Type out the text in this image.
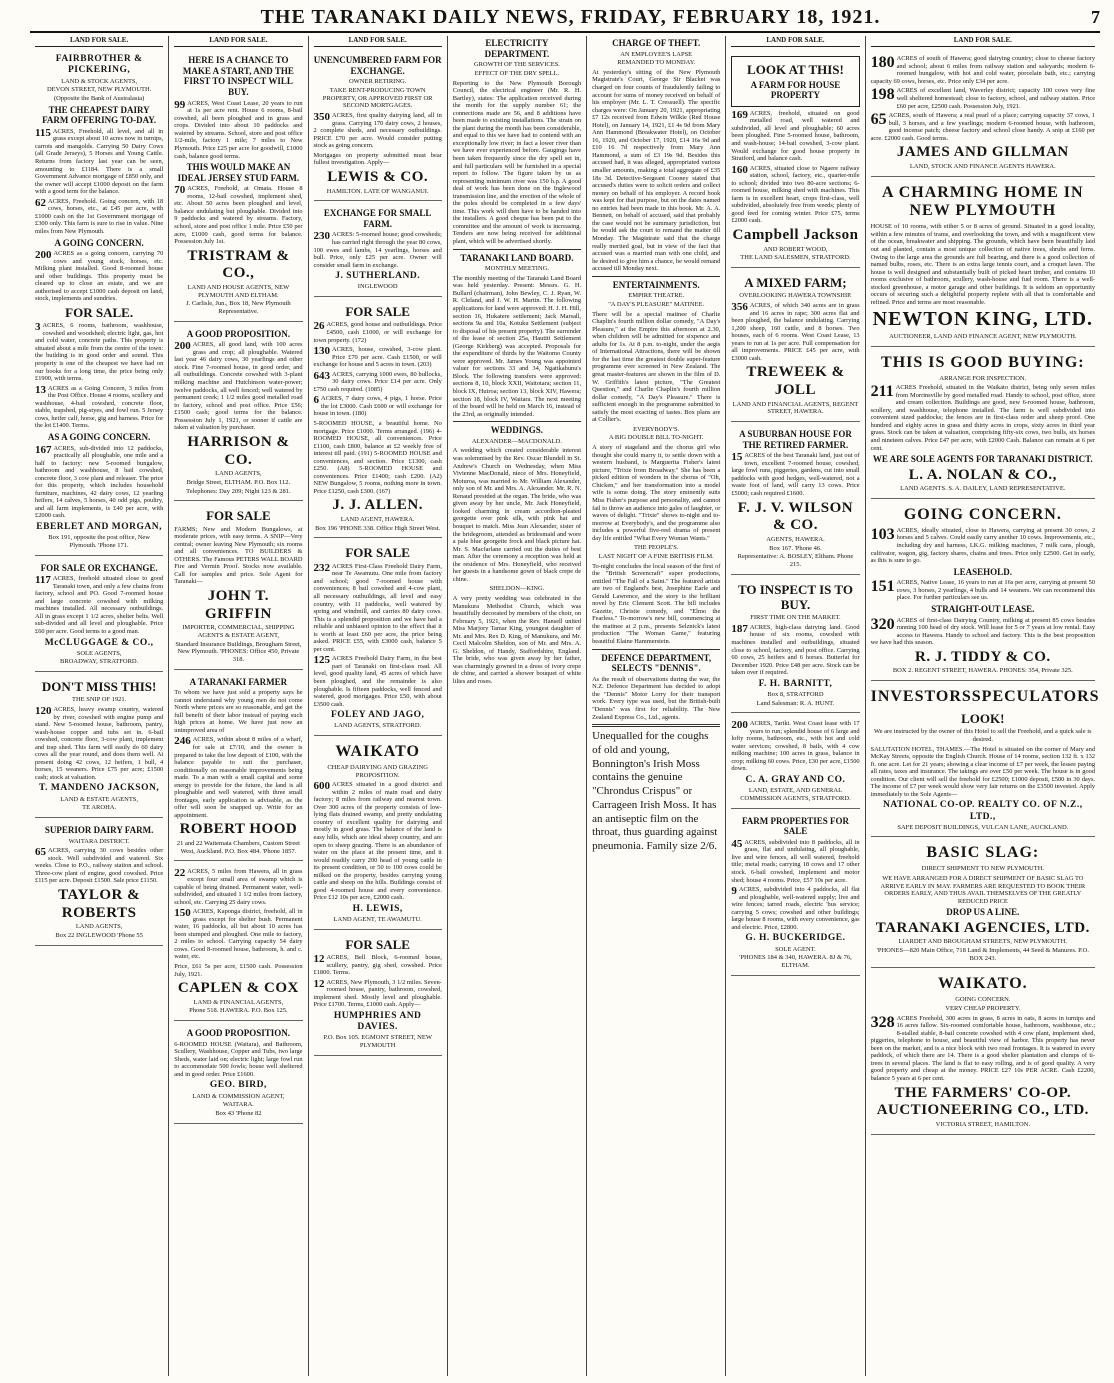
THE TARANAKI DAILY NEWS, FRIDAY, FEBRUARY 18, 1921.	7
LAND FOR SALE.
FAIRBROTHER & PICKERING,
LAND & STOCK AGENTS,
DEVON STREET, NEW PLYMOUTH.
(Opposite the Bank of Australasia)
THE CHEAPEST DAIRY FARM OFFERING TO-DAY.
115 ACRES, Freehold, all level, and all in grass except about 10 acres now in turnips, carrots and mangolds. Carrying 50 Dairy Cows (all Grade Jerseys), 5 Horses and Young Cattle. Returns from factory last year can be seen, amounting to £1184. There is a small Government Advance mortgage of £850 only, and the owner will accept £1000 deposit on the farm with a good term for the balance.
62 ACRES, Freehold. Going concern, with 18 cows, horses, etc., at £45 per acre, with £1000 cash on the 1st Government mortgage of £300 only. This farm is sure to rise in value. Nine miles from New Plymouth.
A GOING CONCERN.
200 ACRES as a going concern, carrying 70 cows and young stock, horses, etc. Milking plant installed. Good 8-roomed house and other buildings. This property must be cleared up to close an estate, and we are authorised to accept £1000 cash deposit on land, stock, implements and sundries.
FOR SALE.
3 ACRES, 6 rooms, bathroom, washhouse, cowshed and woodshed; electric light, gas, hot and cold water, concrete paths. This property is situated about a mile from the centre of the town: the building is in good order and sound. This property is one of the cheapest we have had on our books for a long time, the price being only £1900, with terms.
13 ACRES as a Going Concern, 3 miles from the Post Office. House 4 rooms, scullery and washhouse, 4-bail cowshed, concrete floor, stable, trapshed, pig-styes, and fowl run. 5 Jersey cows, heifer calf, horse, gig and harness. Price for the lot £1400. Terms.
AS A GOING CONCERN.
167 ACRES, sub-divided into 12 paddocks, practically all ploughable, one mile and a half to factory: new 5-roomed bungalow, bathroom and washhouse, 8 bail cowshed, concrete floor, 3 cow plant and releaser. The price for this property, which includes household furniture, machines, 42 dairy cows, 12 yearling heifers, 14 calves, 5 horses, 40 odd pigs, poultry, and all farm implements, is £40 per acre, with £2000 cash.
EBERLET AND MORGAN,
Box 191, opposite the post office, New Plymouth. 'Phone 171.
FOR SALE OR EXCHANGE.
117 ACRES, freehold situated close to good Taranaki town, and only a few chains from factory, school and PO. Good 7-roomed house and large concrete cowshed with milking machines installed. All necessary outbuildings. All in grass except 1 1/2 acres, shelter belts. Well sub-divided and all level and ploughable. Price £60 per acre. Good terms to a good man.
McCLUGGAGE & CO.,
SOLE AGENTS,
BROADWAY, STRATFORD.
DON'T MISS THIS!
THE SNIP OF 1921.
120 ACRES, heavy swamp country, watered by river, cowshed with engine pump and stand. New 5-roomed house, bathroom, pantry, wash-house copper and tubs set in. 6-bail cowshed, concrete floor, 3-cow plant, implement and trap shed. This farm will easily do 60 dairy cows all the year round, and does them well. At present doing 42 cows, 12 heifers, 1 bull, 4 horses, 15 weaners. Price £75 per acre; £1500 cash; stock at valuation.
T. MANDENO JACKSON,
LAND & ESTATE AGENTS,
TE AROHA.
SUPERIOR DAIRY FARM.
WAITARA DISTRICT.
65 ACRES, carrying 30 cows besides other stock. Well subdivided and watered. Six weeks. Close to P.O., railway station and school. Three-cow plant of engine, good cowshed. Price £115 per acre. Deposit £1500. Sale price £1150.
TAYLOR & ROBERTS
LAND AGENTS,
Box 22 INGLEWOOD 'Phone 55
LAND FOR SALE.
HERE IS A CHANCE TO MAKE A START, AND THE FIRST TO INSPECT WILL BUY.
99 ACRES, West Coast Lease, 20 years to run at 1s per acre rent. House 6 rooms, 8-bail cowshed, all been ploughed and in grass and crops. Divided into about 10 paddocks and watered by streams. School, store and post office 1/2-mile, factory 1 mile; 7 miles to New Plymouth. Price £25 per acre for goodwill, £1000 cash, balance good terms.
THIS WOULD MAKE AN IDEAL JERSEY STUD FARM.
70 ACRES, Freehold, at Omata. House 8 rooms, 12-bail cowshed, implement shed, etc. About 50 acres been ploughed and level, balance undulating but ploughable. Divided into 9 paddocks and watered by streams. Factory, school, store and post office 1 mile. Price £50 per acre, £1000 cash, good terms for balance. Possession July 1st.
TRISTRAM & CO.,
LAND AND HOUSE AGENTS, NEW PLYMOUTH AND ELTHAM.
J. Carlisle, Jun., Box 18, New Plymouth Representative.
A GOOD PROPOSITION.
200 ACRES, all good land, with 100 acres grass and crop; all ploughable. Watered last year 46 dairy cows, 30 yearlings and other stock. Fine 7-roomed house, in good order, and all outbuildings. Concrete cowshed with 3-plant milking machine and Hutchinson water-power; twelve paddocks, all well fenced; well watered by permanent creek; 1 1/2 miles good metalled road to factory, school and post office. Price £56; £1500 cash; good terms for the balance. Possession July 1, 1921, or sooner if cattle are taken at valuation by purchaser.
HARRISON & CO.
LAND AGENTS,
Bridge Street, ELTHAM. P.O. Box 112.
Telephones: Day 209; Night 123 & 281.
FOR SALE
FARMS; New and Modern Bungalows, at moderate prices, with easy terms. A SNIP—Very central; owner leaving New Plymouth; six rooms and all conveniences. TO BUILDERS & OTHERS. The Famous PETERS WALL BOARD Fire and Vermin Proof. Stocks now available. Call for samples and price. Sole Agent for Taranaki—
JOHN T. GRIFFIN
IMPORTER, COMMERCIAL, SHIPPING AGENTS & ESTATE AGENT,
Standard Insurance Buildings, Brougham Street, New Plymouth. 'PHONES: Office 450, Private 318.
A TARANAKI FARMER
To whom we have just sold a property says he cannot understand why young men do not come North where prices are so reasonable, and get the full benefit of their labor instead of paying such high prices at home. We have just now an unimproved area of
246 ACRES, within about 8 miles of a wharf, for sale at £7/10, and the owner is prepared to take the low deposit of £100, with the balance payable to suit the purchaser, conditionally on reasonable improvements being made. To a man with a small capital and some energy to provide for the future, the land is all ploughable and well watered, with three small frontages, early application is advisable, as the offer will soon be snapped up. Write for an appointment.
ROBERT HOOD
21 and 22 Waitemata Chambers, Custom Street West, Auckland. P.O. Box 484. 'Phone 1857.
22 ACRES, 5 miles from Hawera, all in grass except four small area of swamp which is capable of being drained. Permanent water, well-subdivided, and situated 1 1/2 miles from factory, school, etc. Carrying 25 dairy cows.
150 ACRES, Kaponga district, freehold, all in grass except for shelter bush. Permanent water, 16 paddocks, all but about 10 acres has been stumped and ploughed. One mile to factory, 2 miles to school. Carrying capacity 54 dairy cows. Good 8-roomed house, bathroom, h. and c. water, etc.
Price, £61 5s per acre, £1500 cash. Possession July, 1921.
CAPLEN & COX
LAND & FINANCIAL AGENTS,
Phone 518. HAWERA. P.O. Box 125.
A GOOD PROPOSITION.
6-ROOMED HOUSE (Waitara), and Bathroom, Scullery, Washhouse, Copper and Tubs, two large Sheds, water laid on; electric light; large fowl run to accommodate 500 fowls; house well sheltered and in good order. Price £1600.
GEO. BIRD,
LAND & COMMISSION AGENT,
WAITARA.
Box 43 'Phone 82
LAND FOR SALE.
UNENCUMBERED FARM FOR EXCHANGE.
OWNER RETIRING.
TAKE RENT-PRODUCING TOWN PROPERTY, OR APPROVED FIRST OR SECOND MORTGAGES.
350 ACRES, first quality dairying land, all in grass. Carrying 170 dairy cows, 2 houses, 2 complete sheds, and necessary outbuildings. PRICE £70 per acre. Would consider putting stock as going concern.
Mortgages on property submitted must bear fullest investigation. Apply—
LEWIS & CO.
HAMILTON. LATE OF WANGANUI.
EXCHANGE FOR SMALL FARM.
230 ACRES: 5-roomed house; good cowsheds; has carried right through the year 80 cows, 100 ewes and lambs, 14 yearlings, horses and bull. Price, only £25 per acre. Owner will consider small farm in exchange.
J. SUTHERLAND.
INGLEWOOD
FOR SALE
26 ACRES, good house and outbuildings. Price £4500, cash £1000, or will exchange for town property. (172)
130 ACRES, house, cowshed, 3-cow plant. Price £70 per acre. Cash £1500, or will exchange for house and 5 acres in town. (203)
643 ACRES, carrying 1000 ewes, 80 bullocks, 30 dairy cows. Price £14 per acre. Only £750 cash required. (1085)
6 ACRES, 7 dairy cows, 4 pigs, 1 horse. Price the lot £3000. Cash £600 or will exchange for house in town. (180)
5-ROOMED HOUSE, a beautiful home. No mortgage. Price £1000. Terms arranged. (196) 4-ROOMED HOUSE, all conveniences. Price £1100, cash £800, balance at £2 weekly free of interest till paid. (191) 5-ROOMED HOUSE and conveniences, and section. Price £1300, cash £250. (A8) 5-ROOMED HOUSE and conveniences. Price £1400; cash £200. (A2) NEW Bungalow, 5 rooms, nothing more in town. Price £1250, cash £300. (167)
J. J. ALLEN.
LAND AGENT, HAWERA.
Box 196 'PHONE 338. Office High Street West.
FOR SALE
232 ACRES First-Class Freehold Dairy Farm, near Te Awamutu. One mile from factory and school; good 7-roomed house with conveniences; 8 bail cowshed and 4-cow plant, all necessary outbuildings, all level and easy country, with 11 paddocks, well watered by spring and windmill, and carries 80 dairy cows. This is a splendid proposition and we have had a reliable and unbiased opinion to the effect that it is worth at least £60 per acre, the price being asked. PRICE £55, with £3000 cash, balance 5 per cent.
125 ACRES Freehold Dairy Farm, in the best part of Taranaki on first-class road. All level, good quality land, 45 acres of which have been ploughed, and the remainder is also ploughable. Is fifteen paddocks, well fenced and watered, good mortgages. Price £50, with about £3500 cash.
FOLEY AND JAGO,
LAND AGENTS, STRATFORD.
WAIKATO
CHEAP DAIRYING AND GRAZING PROPOSITION.
600 ACRES situated in a good district and within 2 miles of main road and dairy factory; 8 miles from railway and nearest town. Over 300 acres of the property consists of low-lying flats drained swamp, and pretty undulating country of excellent quality for dairying and mostly in good grass. The balance of the land is easy hills, which are ideal sheep country, and are open to sheep grazing. There is an abundance of water on the place at the present time, and it would readily carry 200 head of young cattle in its present condition, or 50 to 100 cows could be milked on the property, besides carrying young cattle and sheep on the hills. Buildings consist of good 4-roomed house and every convenience. Price £12 10s per acre, £2000 cash.
H. LEWIS,
LAND AGENT, TE AWAMUTU.
FOR SALE
12 ACRES, Bell Block, 6-roomed house, scullery, pantry, gig shed, cowshed. Price £1800. Terms.
12 ACRES, New Plymouth, 3 1/2 miles. Seven-roomed house, pantry, bathroom, cowshed, implement shed. Mostly level and ploughable. Price £1700. Terms, £1000 cash. Apply—
HUMPHRIES AND DAVIES.
P.O. Box 105. EGMONT STREET, NEW PLYMOUTH
ELECTRICITY DEPARTMENT.
GROWTH OF THE SERVICES.
EFFECT OF THE DRY SPELL.
Reporting to the New Plymouth Borough Council, the electrical engineer (Mr. R. H. Bartley), states: The application received during the month for the supply number 61; the connections made are 56, and 8 additions have been made to existing installations. The strain on the plant during the month has been considerable, and equal to this we have had to contend with an exceptionally low river; in fact a lower river than we have ever experienced before. Gaugings have been taken frequently since the dry spell set in, and full particulars will be furnished in a special report to follow. The figure taken by us as representing minimum river was 150 h.p. A good deal of work has been done on the Inglewood transmission line, and the erection of the whole of the poles should be completed in a few days' time. This work will then have to be handed into the installers. A good cheque has been put to the committee and the amount of work is increasing. Tenders are now being received for additional plant, which will be advertised shortly.
TARANAKI LAND BOARD.
MONTHLY MEETING.
The monthly meeting of the Taranaki Land Board was held yesterday. Present: Messrs. G. H. Bullard (chairman), John Bewley, C. J. Ryan, W. R. Cleland, and J. W. H. Martin. The following applications for land were approved: H. J. H. Hill, section 16, Hukatere settlement; Jack Marsall, sections 9a and 10a, Kotuku Settlement (subject to disposal of his present property). The surrender of the lease of section 25a, Hautiti Settlement (George Kirkberg) was accepted. Proposals for the expenditure of thirds by the Waitomo County were approved. Mr. James Young was appointed valuer for sections 33 and 34, Ngatikahunu's Block. The following transfers were approved: sections 8, 10, block XXII, Waitotara; section 11, block IX, Huiroa; section 13, block XIV, Hawera; section 18, block IV, Waitara. The next meeting of the board will be held on March 16, instead of the 23rd, as originally intended.
WEDDINGS.
ALEXANDER—MACDONALD.
A wedding which created considerable interest was solemnised by the Rev. Oscar Blundell in St. Andrew's Church on Wednesday, when Miss Vivienne MacDonald, niece of Mrs. Honeyfield, Moturoa, was married to Mr. William Alexander, only son of Mr. and Mrs. A. Alexander. Mr. R. N. Renaud presided at the organ. The bride, who was given away by her uncle, Mr. Jack Honeyfield, looked charming in cream accordion-pleated georgette over pink silk, with pink hat and bouquet to match. Miss Jean Alexander, sister of the bridegroom, attended as bridesmaid and wore a pale blue georgette frock and black picture hat. Mr. S. Macfarlane carried out the duties of best man. After the ceremony a reception was held at the residence of Mrs. Honeyfield, who received her guests in a handsome gown of black crepe de chine.
SHELDON—KING.
A very pretty wedding was celebrated in the Manukura Methodist Church, which was beautifully decorated by members of the choir, on February 5, 1921, when the Rev. Hansell united Miss Marjory Tamar King, youngest daughter of Mr. and Mrs. Rex D. King, of Manukura, and Mr. Cecil Malcolm Sheldon, son of Mr. and Mrs. A. G. Sheldon, of Handy, Staffordshire, England. The bride, who was given away by her father, was charmingly gowned in a dress of ivory crepe de chine, and carried a shower bouquet of white lilies and roses.
CHARGE OF THEFT.
AN EMPLOYEE'S LAPSE
REMANDED TO MONDAY.
At yesterday's sitting of the New Plymouth Magistrate's Court, George Sir Blacket was charged on four counts of fraudulently failing to account for sums of money received on behalf of his employer (Mr. L. T. Cressuell). The specific charges were: On January 20, 1921, appropriating £7 12s received from Edwin Wilkie (Red House Hotel), on January 14, 1921, £1 4s 9d from Mary Ann Hammond (Breakwater Hotel), on October 16, 1920, and October 17, 1920, £14 16s 9d and £10 16 7d respectively from Mary Ann Hammond, a sum of £3 19s 9d. Besides this accused had, it was alleged, appropriated various smaller amounts, making a total aggregate of £35 18s 3d. Detective-Sergeant Cooney stated that accused's duties were to solicit orders and collect money on behalf of his employer. A record book was kept for that purpose, but on the dates named no entries had been made in this book. Mr. A. A. Bennett, on behalf of accused, said that probably the case would not be summary jurisdiction, but he would ask the court to remand the matter till Monday. The Magistrate said that the charge really merited goal, but in view of the fact that accused was a married man with one child, and he desired to give him a chance, he would remand accused till Monday next.
ENTERTAINMENTS.
EMPIRE THEATRE.
"A DAY'S PLEASURE" MATINEE.
There will be a special matinee of Charlie Chaplin's fourth million dollar comedy, "A Day's Pleasure," at the Empire this afternoon at 2.30, when children will be admitted for sixpence and adults for 1s. At 8 p.m. to-night, under the aegis of International Attractions, there will be shown for the last time the greatest double super-feature programme ever screened in New Zealand. The great master-features are shown in the film of D. W. Griffith's latest picture, "The Greatest Question," and Charlie Chaplin's fourth million dollar comedy, "A Day's Pleasure." There is sufficient enough in the programme submitted to satisfy the most exacting of tastes. Box plans are at Collier's.
EVERYBODY'S.
A BIG DOUBLE BILL TO-NIGHT.
A story of stageland and the chorus girl who thought she could marry it, to settle down with a western husband, is Marguerita Fisher's latest picture, "Trixie from Broadway." She has been a picked edition of wonders in the chorus of "Oh, Chicken," and her transformation into a model wife is some doing. The story eminently suits Miss Fisher's purpose and personality, and cannot fail to throw an audience into gales of laughter, or waves of delight. "Trixie" shows to-night and to-morrow at Everybody's, and the programme also includes a powerful five-reel drama of present day life entitled "What Every Woman Wants."
THE PEOPLE'S.
LAST NIGHT OF A FINE BRITISH FILM.
To-night concludes the local season of the first of the "British Screencraft" super productions, entitled "The Fall of a Saint." The featured artists are two of England's best, Josephine Earle and Gerald Lawrence, and the story is the brilliant novel by Eric Clement Scott. The bill includes Gazette, Christie comedy, and "Elmo the Fearless." To-morrow's new bill, commencing at the matinee at 2 p.m., presents Selznick's latest production "The Woman Game," featuring beautiful Elaine Hammerstein.
DEFENCE DEPARTMENT, SELECTS "DENNIS".
As the result of observations during the war, the N.Z. Defence Department has decided to adopt the "Dennis" Motor Lorry for their transport work. Every type was used, but the British-built "Dennis" was first for reliability. The New Zealand Express Co., Ltd., agents.
Unequalled for the coughs of old and young, Bonnington's Irish Moss contains the genuine "Chrondus Crispus" or Carrageen Irish Moss. It has an antiseptic film on the throat, thus guarding against pneumonia. Family size 2/6.
LAND FOR SALE.
LOOK AT THIS!
A FARM FOR HOUSE PROPERTY
169 ACRES, freehold, situated on good metalled road, well watered and subdivided, all level and ploughable; 60 acres been ploughed. Fine 5-roomed house, bathroom, and wash-house; 14-bail cowshed, 3-cow plant. Would exchange for good house property in Stratford, and balance cash.
160 ACRES, situated close to Ngaere railway station, school, factory, etc., quarter-mile to school; divided into two 80-acre sections; 6-roomed house, milking shed with machines. This farm is in excellent heart, crops first-class, well subdivided, absolutely free from weeds; plenty of good feed for coming winter. Price £75, terms £2000 cash.
Campbell Jackson
AND ROBERT WOOD,
THE LAND SALESMEN, STRATFORD.
A MIXED FARM;
OVERLOOKING HAWERA TOWNSHIP.
356 ACRES, of which 340 acres are in grass and 16 acres in rape; 300 acres flat and been ploughed, the balance undulating. Carrying 1,200 sheep, 160 cattle, and 8 horses. Two houses, each of 6 rooms. West Coast Lease, 13 years to run at 1s per acre. Full compensation for all improvements. PRICE £45 per acre, with £3000 cash.
TREWEEK & JOLL
LAND AND FINANCIAL AGENTS, REGENT STREET, HAWERA.
A SUBURBAN HOUSE FOR THE RETIRED FARMER.
15 ACRES of the best Taranaki land, just out of town, excellent 7-roomed house, cowshed, large fowl runs, piggeries, gardens, cut into small paddocks with good hedges, well-watered, not a waste foot of land, will carry 13 cows. Price £5000; cash required £1600.
F. J. V. WILSON & CO.
AGENTS, HAWERA.
Box 167. 'Phone 46.
Representative: A. BOSLEY, Eltham. Phone 215.
TO INSPECT IS TO BUY.
FIRST TIME ON THE MARKET.
187 ACRES, high-class dairying land. Good house of six rooms, cowshed with machines installed and outbuildings, situated close to school, factory, and post office. Carrying 60 cows, 25 heifers and 6 horses. Butterfat for December 1920. Price £48 per acre. Stock can be taken over if required.
F. H. BARNITT,
Box 8, STRATFORD
Land Salesman: R. A. HUNT.
200 ACRES, Tariki. West Coast lease with 17 years to run; splendid house of 6 large and lofty rooms, bathroom, etc., with hot and cold water services; cowshed, 8 bails, with 4 cow milking machine; 100 acres in grass, balance in crop; milking 60 cows. Price, £30 per acre, £1500 down.
C. A. GRAY AND CO.
LAND, ESTATE, AND GENERAL COMMISSION AGENTS, STRATFORD.
FARM PROPERTIES FOR SALE
45 ACRES, subdivided into 8 paddocks, all in grass, flat and undulating, all ploughable, live and wire fences, all well watered, freehold title; metal roads; carrying 18 cows and 17 other stock. 6-bail cowshed, implement and motor shed; house 4 rooms. Price, £57 10s per acre.
9 ACRES, subdivided into 4 paddocks, all flat and ploughable, well-watered supply; live and wire fences; tarred roads, electric 'bus service; carrying 5 cows; cowshed and other buildings; large house 8 rooms, with every convenience, gas and electric. Price, £2800.
G. H. BUCKERIDGE.
SOLE AGENT.
'PHONES 184 & 340, HAWERA. 8J & 76, ELTHAM.
LAND FOR SALE.
180 ACRES of south of Hawera; good dairying country; close to cheese factory and school; about 6 miles from railway station and saleyards; modern 6-roomed bungalow, with hot and cold water, porcelain bath, etc.; carrying capacity 69 cows, horses, etc. Price only £34 per acre.
198 ACRES of excellent land, Waverley district; capacity 100 cows very fine well sheltered homestead; close to factory, school, and railway station. Price £60 per acre, £2500 cash. Possession July, 1921.
65 ACRES, south of Hawera; a real pearl of a place; carrying capacity 37 cows, 1 bull, 3 horses, and a few yearlings; modern 6-roomed house, with bathroom, good incense patch; cheese factory and school close handy. A snip at £160 per acre. £2000 cash. Good terms.
JAMES AND GILLMAN
LAND, STOCK AND FINANCE AGENTS HAWERA.
A CHARMING HOME IN NEW PLYMOUTH
HOUSE of 10 rooms, with either 5 or 8 acres of ground. Situated in a good locality, within a few minutes of trams, and overlooking the town, and with a magnificent view of the ocean, breakwater and shipping. The grounds, which have been beautifully laid out and planted, contain a most unique collection of native trees, shrubs and ferns. Owing to the large area the grounds are full bearing, and there is a good collection of named bulbs, roses, etc. There is an extra large tennis court, and a croquet lawn. The house is well designed and substantially built of picked heart timber, and contains 10 rooms exclusive of bathroom, scullery, wash-house and fuel room. There is a well-stocked greenhouse, a motor garage and other buildings. It is seldom an opportunity occurs of securing such a delightful property replete with all that is comfortable and refined. Price and terms are most reasonable.
NEWTON KING, LTD.
AUCTIONEER, LAND AND FINANCE AGENT, NEW PLYMOUTH.
THIS IS GOOD BUYING:
ARRANGE FOR INSPECTION.
211 ACRES Freehold, situated in the Waikato district, being only seven miles from Morrinsville by good metalled road. Handy to school, post office, store and cream collection. Buildings are good, new 6-roomed house, bathroom, scullery, and washhouse, telephone installed. The farm is well subdivided into convenient sized paddocks; the fences are in first-class order and sheep proof. One hundred and eighty acres in grass and thirty acres in crops, sixty acres in third year grass. Stock can be taken at valuation, comprising fifty-six cows, two bulls, six horses and nineteen calves. Price £47 per acre, with £2000 Cash. Balance can remain at 6 per cent.
WE ARE SOLE AGENTS FOR TARANAKI DISTRICT.
L. A. NOLAN & CO.,
LAND AGENTS. S. A. DAILEY, LAND REPRESENTATIVE.
GOING CONCERN.
103 ACRES, ideally situated, close to Hawera, carrying at present 30 cows, 2 horses and 5 calves. Could easily carry another 10 cows. Improvements, etc., including dry and harness, LK.G. milking machines, 7 milk cans, plough, cultivator, wagon, gig, factory shares, chains and trees. Price only £2500. Get in early, as this is sure to go.
LEASEHOLD.
151 ACRES, Native Lease, 16 years to run at 16s per acre, carrying at present 50 cows, 3 horses, 2 yearlings, 4 bulls and 14 weaners. We can recommend this place. For further particulars see us.
STRAIGHT-OUT LEASE.
320 ACRES of first-class Dairying Country, milking at present 85 cows besides running 100 head of dry stock. Will lease for 5 or 7 years at low rental. Easy access to Hawera. Handy to school and factory. This is the best proposition we have had this season.
R. J. TIDDY & CO.
BOX 2. REGENT STREET, HAWERA. PHONES: 354, Private 325.
INVESTORS SPECULATORS
LOOK!
We are instructed by the owner of this Hotel to sell the Freehold, and a quick sale is desired.
SALUTATION HOTEL, THAMES.—The Hotel is situated on the corner of Mary and McKay Streets, opposite the English Church. House of 14 rooms, section 132 ft. x 132 ft. one acre. Let for 21 years; showing a clear income of £7 per week, the lessee paying all rates, taxes and insurance. The takings are over £50 per week. The house is in good condition. Our client will sell the freehold for £2500; £1000 deposit, £500 in 30 days. The income of £7 per week would show very fair returns on the £3500 invested. Apply immediately to the Sole Agents—
NATIONAL CO-OP. REALTY CO. OF N.Z., LTD.,
SAFE DEPOSIT BUILDINGS, VULCAN LANE, AUCKLAND.
BASIC SLAG:
DIRECT SHIPMENT TO NEW PLYMOUTH.
WE HAVE ARRANGED FOR A DIRECT SHIPMENT OF BASIC SLAG TO ARRIVE EARLY IN MAY. FARMERS ARE REQUESTED TO BOOK THEIR ORDERS EARLY, AND THUS AVAIL THEMSELVES OF THE GREATLY REDUCED PRICE
DROP US A LINE.
TARANAKI AGENCIES, LTD.
LIARDET AND BROUGHAM STREETS, NEW PLYMOUTH.
'PHONES—820 Main Office, 718 Land & Implements, 44 Seed & Manures. P.O. BOX 243.
WAIKATO.
GOING CONCERN.
VERY CHEAP PROPERTY.
328 ACRES Freehold, 300 acres in grass, 8 acres in oats, 8 acres in turnips and 16 acres fallow. Six-roomed comfortable house, bathroom, washhouse, etc.; 8-stalled stable, 8-bail concrete cowshed with 4 cow plant, implement shed, piggeries, telephone to house, and beautiful view of harbor. This property has never been on the market, and is a nice block with two road frontages. It is watered in every paddock, of which there are 14. There is a good shelter plantation and clumps of ti-trees in several places. The land is flat to easy rolling, and is of good quality. A very good property and cheap at the money. PRICE £27 10s PER ACRE. Cash £2200, balance 5 years at 6 per cent.
THE FARMERS' CO-OP. AUCTIONEERING CO., LTD.
VICTORIA STREET, HAMILTON.
